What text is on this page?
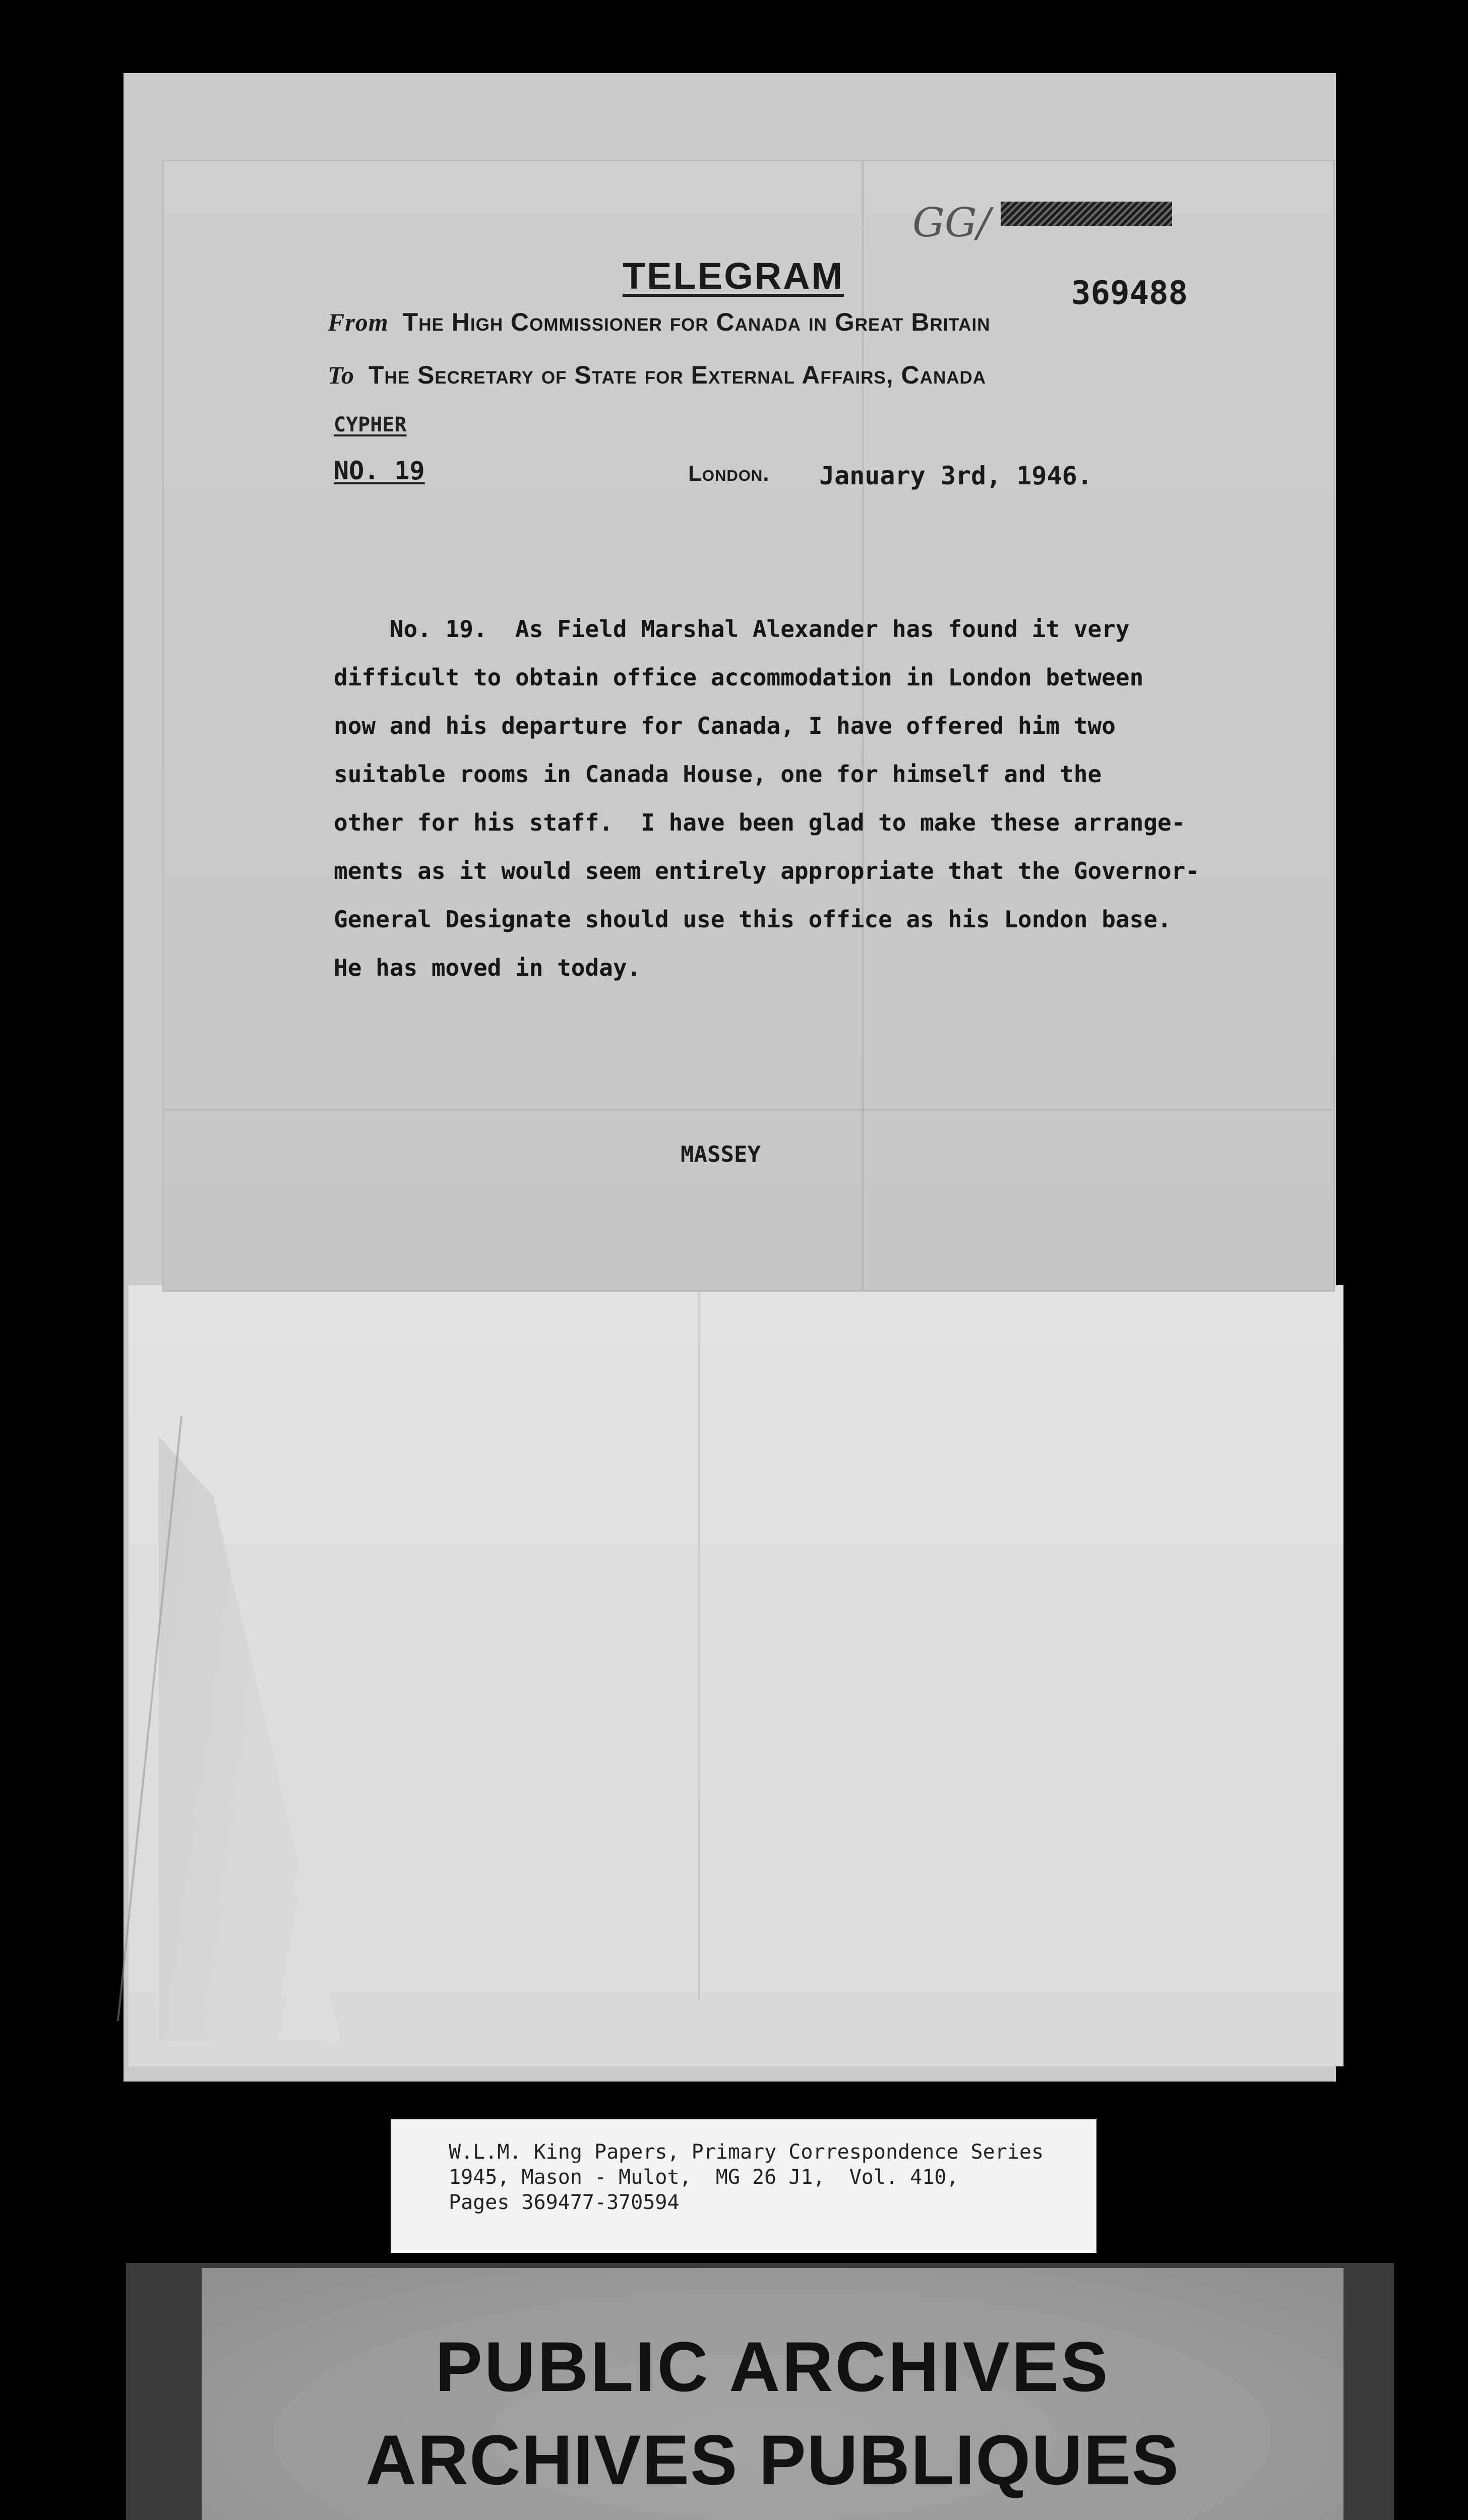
GG/
TELEGRAM	369488
From The High Commissioner for Canada in Great Britain
To The Secretary of State for External Affairs, Canada
CYPHER
NO. 19	London. January 3rd, 1946.
No. 19.  As Field Marshal Alexander has found it very
difficult to obtain office accommodation in London between
now and his departure for Canada, I have offered him two
suitable rooms in Canada House, one for himself and the
other for his staff.  I have been glad to make these arrange-
ments as it would seem entirely appropriate that the Governor-
General Designate should use this office as his London base.
He has moved in today.
MASSEY
W.L.M. King Papers, Primary Correspondence Series
1945, Mason - Mulot,  MG 26 J1,  Vol. 410,
Pages 369477-370594
PUBLIC ARCHIVES
ARCHIVES PUBLIQUES
